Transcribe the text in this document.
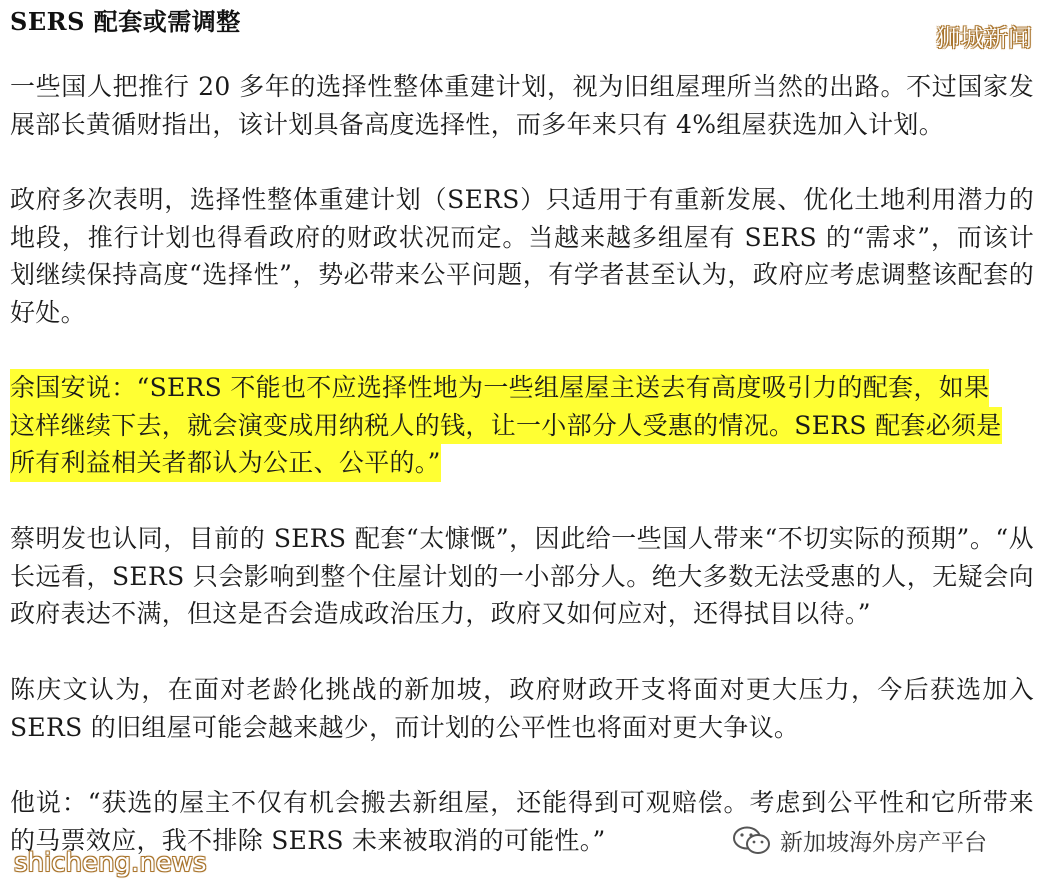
SERS 配套或需调整
狮城新闻
一些国人把推行 20 多年的选择性整体重建计划，视为旧组屋理所当然的出路。不过国家发展部长黄循财指出，该计划具备高度选择性，而多年来只有 4%组屋获选加入计划。
政府多次表明，选择性整体重建计划（SERS）只适用于有重新发展、优化土地利用潜力的地段，推行计划也得看政府的财政状况而定。当越来越多组屋有 SERS 的“需求”，而该计划继续保持高度“选择性”，势必带来公平问题，有学者甚至认为，政府应考虑调整该配套的好处。
余国安说：“SERS 不能也不应选择性地为一些组屋屋主送去有高度吸引力的配套，如果
这样继续下去，就会演变成用纳税人的钱，让一小部分人受惠的情况。SERS 配套必须是
所有利益相关者都认为公正、公平的。”
蔡明发也认同，目前的 SERS 配套“太慷慨”，因此给一些国人带来“不切实际的预期”。“从长远看，SERS 只会影响到整个住屋计划的一小部分人。绝大多数无法受惠的人，无疑会向政府表达不满，但这是否会造成政治压力，政府又如何应对，还得拭目以待。”
陈庆文认为，在面对老龄化挑战的新加坡，政府财政开支将面对更大压力，今后获选加入 SERS 的旧组屋可能会越来越少，而计划的公平性也将面对更大争议。
他说：“获选的屋主不仅有机会搬去新组屋，还能得到可观赔偿。考虑到公平性和它所带来的马票效应，我不排除 SERS 未来被取消的可能性。”
shicheng.news
新加坡海外房产平台
